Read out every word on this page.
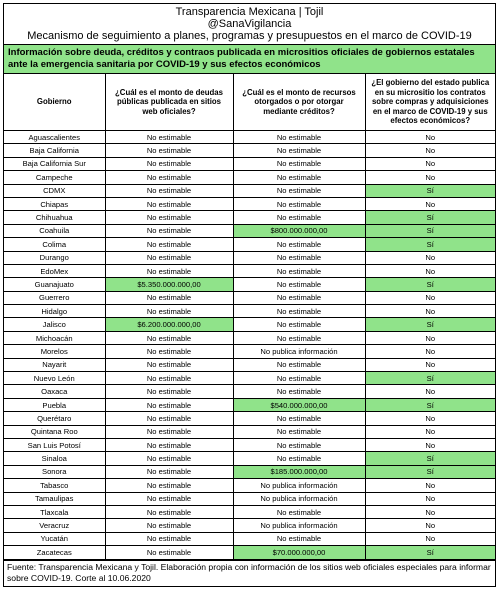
Transparencia Mexicana | Tojil
@SanaVigilancia
Mecanismo de seguimiento a planes, programas y presupuestos en el marco de COVID-19
Información sobre deuda, créditos y contraos publicada en micrositios oficiales de gobiernos estatales ante la emergencia sanitaria por COVID-19 y sus efectos económicos
Gobierno	¿Cuál es el monto de deudas públicas publicada en sitios web oficiales?	¿Cuál es el monto de recursos otorgados o por otorgar mediante créditos?	¿El gobierno del estado publica en su micrositio los contratos sobre compras y adquisiciones en el marco de COVID-19 y sus efectos económicos?
Aguascalientes	No estimable	No estimable	No
Baja California	No estimable	No estimable	No
Baja California Sur	No estimable	No estimable	No
Campeche	No estimable	No estimable	No
CDMX	No estimable	No estimable	Sí
Chiapas	No estimable	No estimable	No
Chihuahua	No estimable	No estimable	Sí
Coahuila	No estimable	$800.000.000,00	Sí
Colima	No estimable	No estimable	Sí
Durango	No estimable	No estimable	No
EdoMex	No estimable	No estimable	No
Guanajuato	$5.350.000.000,00	No estimable	Sí
Guerrero	No estimable	No estimable	No
Hidalgo	No estimable	No estimable	No
Jalisco	$6.200.000.000,00	No estimable	Sí
Michoacán	No estimable	No estimable	No
Morelos	No estimable	No publica información	No
Nayarit	No estimable	No estimable	No
Nuevo León	No estimable	No estimable	Sí
Oaxaca	No estimable	No estimable	No
Puebla	No estimable	$540.000.000,00	Sí
Querétaro	No estimable	No estimable	No
Quintana Roo	No estimable	No estimable	No
San Luis Potosí	No estimable	No estimable	No
Sinaloa	No estimable	No estimable	Sí
Sonora	No estimable	$185.000.000,00	Sí
Tabasco	No estimable	No publica información	No
Tamaulipas	No estimable	No publica información	No
Tlaxcala	No estimable	No estimable	No
Veracruz	No estimable	No publica información	No
Yucatán	No estimable	No estimable	No
Zacatecas	No estimable	$70.000.000,00	Sí
Fuente: Transparencia Mexicana y Tojil. Elaboración propia con información de los sitios web oficiales especiales para informar sobre COVID-19. Corte al 10.06.2020
